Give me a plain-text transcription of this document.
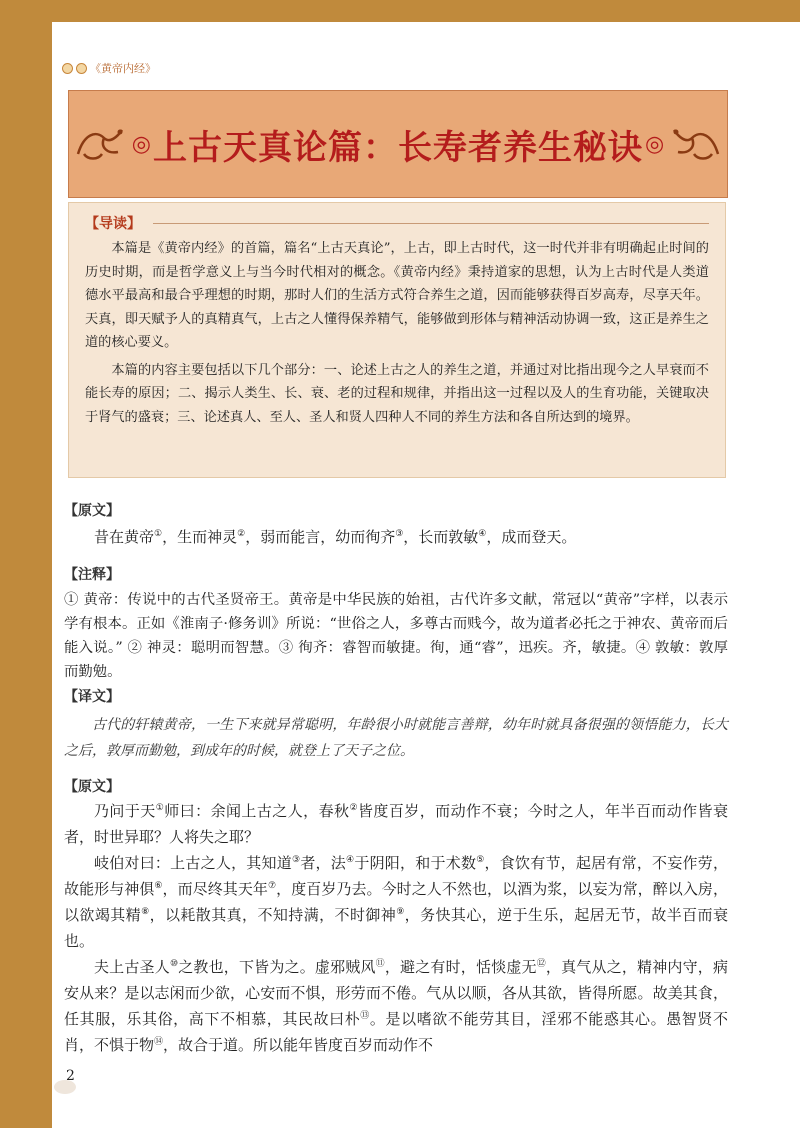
《黄帝内经》
◎ 上古天真论篇：长寿者养生秘诀 ◎
【导读】

本篇是《黄帝内经》的首篇，篇名“上古天真论”，上古，即上古时代，这一时代并非有明确起止时间的历史时期，而是哲学意义上与当今时代相对的概念。《黄帝内经》秉持道家的思想，认为上古时代是人类道德水平最高和最合乎理想的时期，那时人们的生活方式符合养生之道，因而能够获得百岁高寿，尽享天年。天真，即天赋予人的真精真气，上古之人懂得保养精气，能够做到形体与精神活动协调一致，这正是养生之道的核心要义。

本篇的内容主要包括以下几个部分：一、论述上古之人的养生之道，并通过对比指出现今之人早衰而不能长寿的原因；二、揭示人类生、长、衰、老的过程和规律，并指出这一过程以及人的生育功能，关键取决于肾气的盛衰；三、论述真人、至人、圣人和贤人四种人不同的养生方法和各自所达到的境界。

【原文】

昔在黄帝①，生而神灵②，弱而能言，幼而徇齐③，长而敦敏④，成而登天。

【注释】

① 黄帝：传说中的古代圣贤帝王。黄帝是中华民族的始祖，古代许多文献，常冠以“黄帝”字样，以表示学有根本。正如《淮南子·修务训》所说：“世俗之人，多尊古而贱今，故为道者必托之于神农、黄帝而后能入说。” ② 神灵：聪明而智慧。③ 徇齐：睿智而敏捷。徇，通“睿”，迅疾。齐，敏捷。④ 敦敏：敦厚而勤勉。

【译文】

古代的轩辕黄帝，一生下来就异常聪明，年龄很小时就能言善辩，幼年时就具备很强的领悟能力，长大之后，敦厚而勤勉，到成年的时候，就登上了天子之位。

【原文】

乃问于天①师曰：余闻上古之人，春秋②皆度百岁，而动作不衰；今时之人，年半百而动作皆衰者，时世异耶？人将失之耶？

岐伯对曰：上古之人，其知道③者，法④于阴阳，和于术数⑤，食饮有节，起居有常，不妄作劳，故能形与神俱⑥，而尽终其天年⑦，度百岁乃去。今时之人不然也，以酒为浆，以妄为常，醉以入房，以欲竭其精⑧，以耗散其真，不知持满，不时御神⑨，务快其心，逆于生乐，起居无节，故半百而衰也。

夫上古圣人⑩之教也，下皆为之。虚邪贼风⑪，避之有时，恬惔虚无⑫，真气从之，精神内守，病安从来？是以志闲而少欲，心安而不惧，形劳而不倦。气从以顺，各从其欲，皆得所愿。故美其食，任其服，乐其俗，高下不相慕，其民故曰朴⑬。是以嗜欲不能劳其目，淫邪不能惑其心。愚智贤不肖，不惧于物⑭，故合于道。所以能年皆度百岁而动作不

2
